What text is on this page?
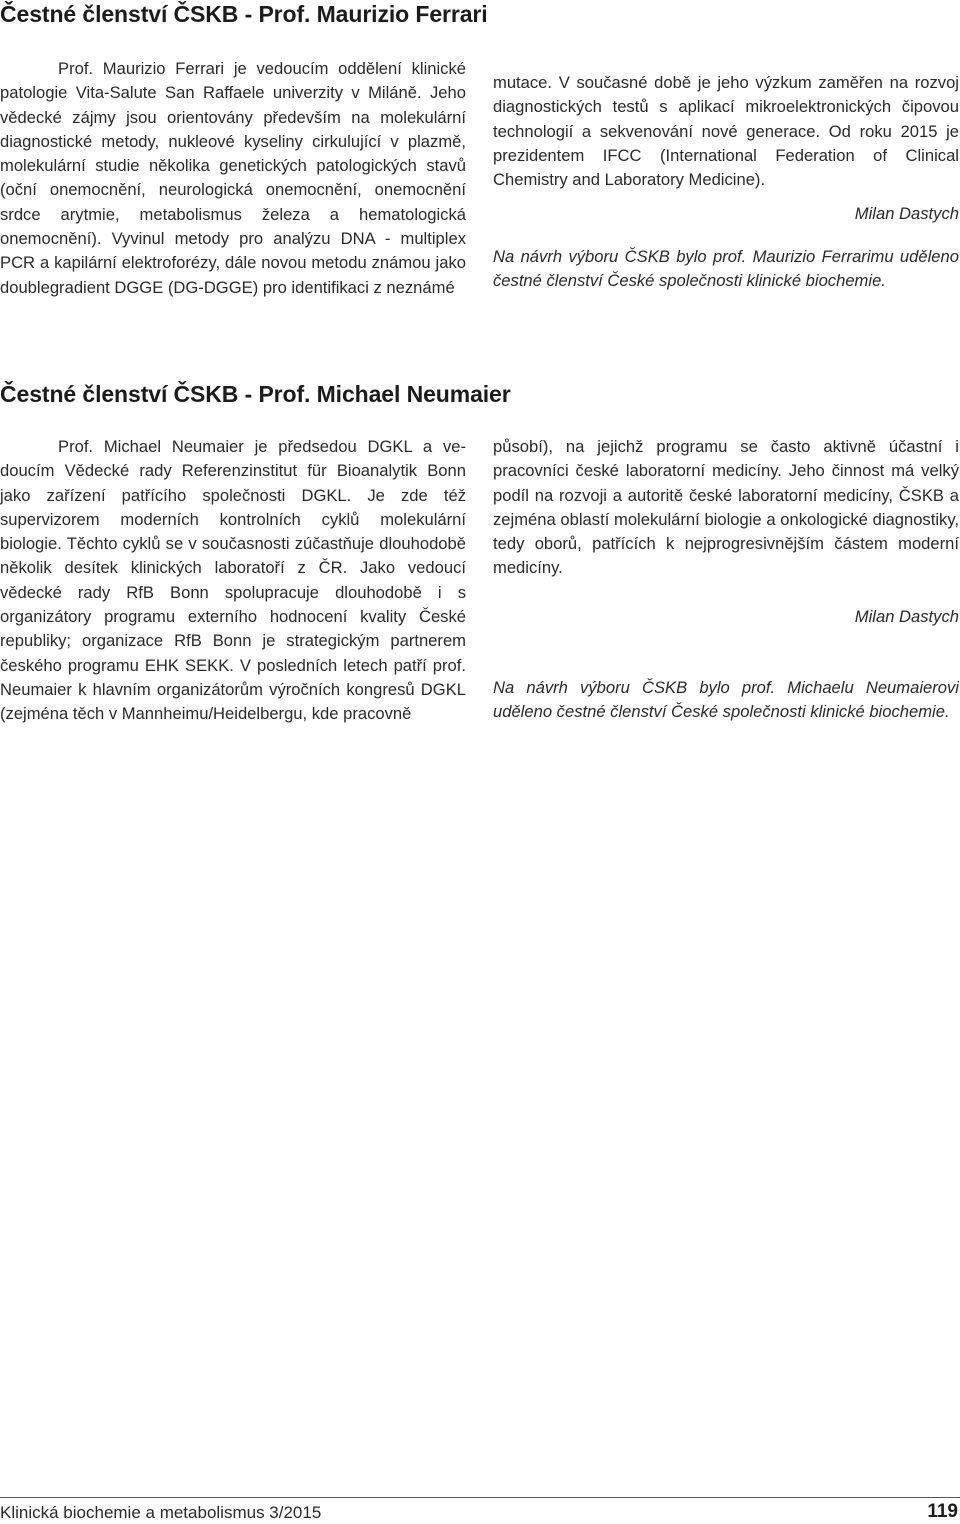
Čestné členství ČSKB - Prof. Maurizio Ferrari

Prof. Maurizio Ferrari je vedoucím oddělení klinické patologie Vita-Salute San Raffaele univerzity v Miláně. Jeho vědecké zájmy jsou orientovány především na molekulární diagnostické metody, nukleové kyseliny cirkulující v plazmě, molekulární studie několika genetických patologických stavů (oční onemocnění, neurologická onemocnění, onemocnění srdce arytmie, metabolismus železa a hematologická onemocnění). Vyvinul metody pro analýzu DNA - multiplex PCR a kapilární elektroforézy, dále novou metodu známou jako doublegradient DGGE (DG-DGGE) pro identifikaci z neznámé

mutace. V současné době je jeho výzkum zaměřen na rozvoj diagnostických testů s aplikací mikroelektronických čipovou technologií a sekvenování nové generace. Od roku 2015 je prezidentem IFCC (International Federation of Clinical Chemistry and Laboratory Medicine).

Milan Dastych

Na návrh výboru ČSKB bylo prof. Maurizio Ferrarimu uděleno čestné členství České společnosti klinické biochemie.

Čestné členství ČSKB - Prof. Michael Neumaier

Prof. Michael Neumaier je předsedou DGKL a vedoucím Vědecké rady Referenzinstitut für Bioanalytik Bonn jako zařízení patřícího společnosti DGKL. Je zde též supervizorem moderních kontrolních cyklů molekulární biologie. Těchto cyklů se v současnosti zúčastňuje dlouhodobě několik desítek klinických laboratoří z ČR. Jako vedoucí vědecké rady RfB Bonn spolupracuje dlouhodobě i s organizátory programu externího hodnocení kvality České republiky; organizace RfB Bonn je strategickým partnerem českého programu EHK SEKK. V posledních letech patří prof. Neumaier k hlavním organizátorům výročních kongresů DGKL (zejména těch v Mannheimu/Heidelbergu, kde pracovně

působí), na jejichž programu se často aktivně účastní i pracovníci české laboratorní medicíny. Jeho činnost má velký podíl na rozvoji a autoritě české laboratorní medicíny, ČSKB a zejména oblastí molekulární biologie a onkologické diagnostiky, tedy oborů, patřících k nejprogresivnějším částem moderní medicíny.

Milan Dastych

Na návrh výboru ČSKB bylo prof. Michaelu Neumaierovi uděleno čestné členství České společnosti klinické biochemie.

Klinická biochemie a metabolismus 3/2015	119
